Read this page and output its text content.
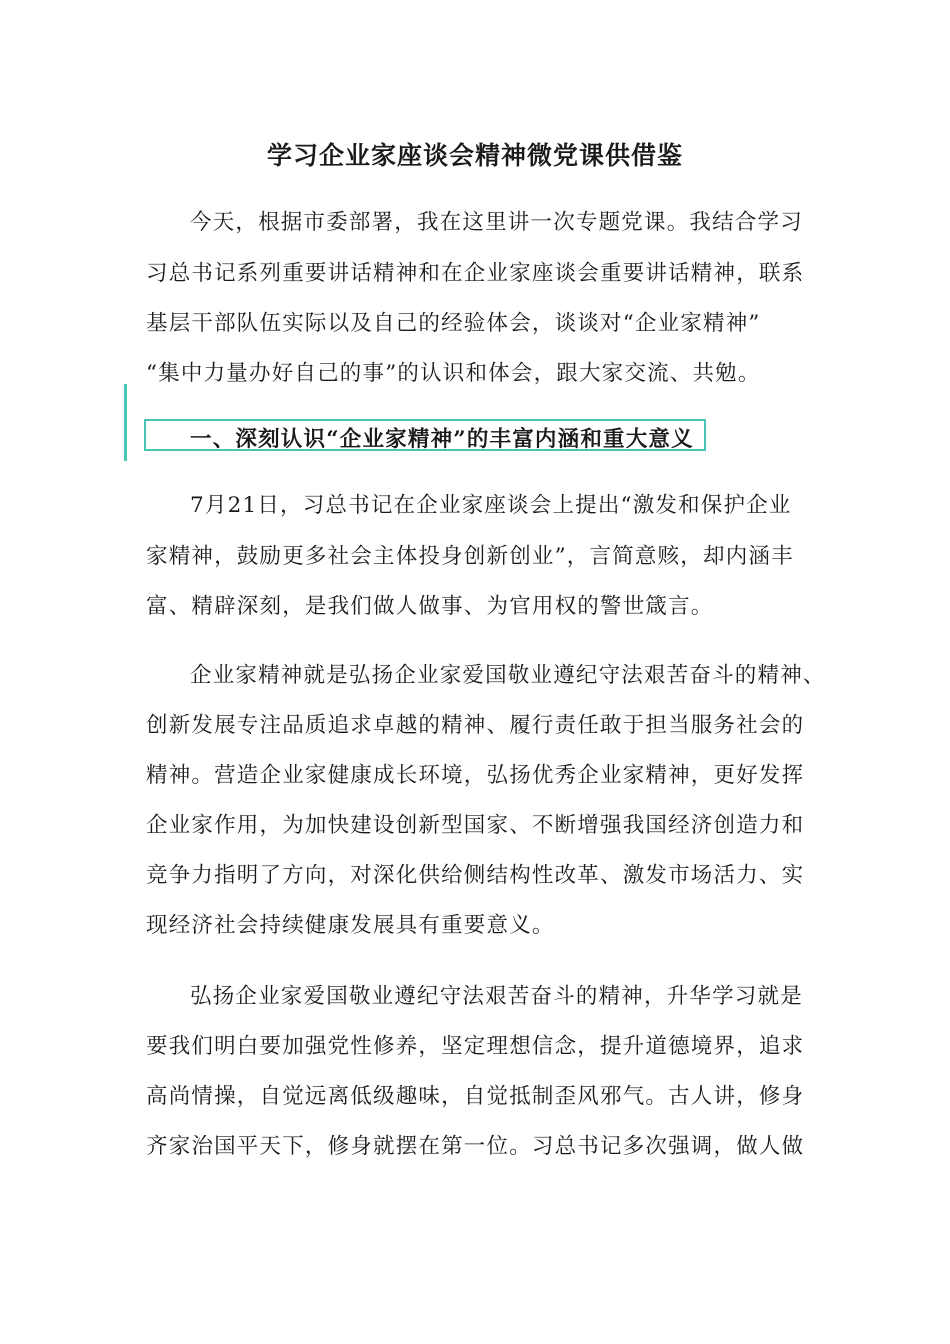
学习企业家座谈会精神微党课供借鉴
今天，根据市委部署，我在这里讲一次专题党课。我结合学习
习总书记系列重要讲话精神和在企业家座谈会重要讲话精神，联系
基层干部队伍实际以及自己的经验体会，谈谈对“企业家精神”
“集中力量办好自己的事”的认识和体会，跟大家交流、共勉。
一、深刻认识“企业家精神”的丰富内涵和重大意义
7月21日，习总书记在企业家座谈会上提出“激发和保护企业
家精神，鼓励更多社会主体投身创新创业”，言简意赅，却内涵丰
富、精辟深刻，是我们做人做事、为官用权的警世箴言。
企业家精神就是弘扬企业家爱国敬业遵纪守法艰苦奋斗的精神、
创新发展专注品质追求卓越的精神、履行责任敢于担当服务社会的
精神。营造企业家健康成长环境，弘扬优秀企业家精神，更好发挥
企业家作用，为加快建设创新型国家、不断增强我国经济创造力和
竞争力指明了方向，对深化供给侧结构性改革、激发市场活力、实
现经济社会持续健康发展具有重要意义。
弘扬企业家爱国敬业遵纪守法艰苦奋斗的精神，升华学习就是
要我们明白要加强党性修养，坚定理想信念，提升道德境界，追求
高尚情操，自觉远离低级趣味，自觉抵制歪风邪气。古人讲，修身
齐家治国平天下，修身就摆在第一位。习总书记多次强调，做人做
